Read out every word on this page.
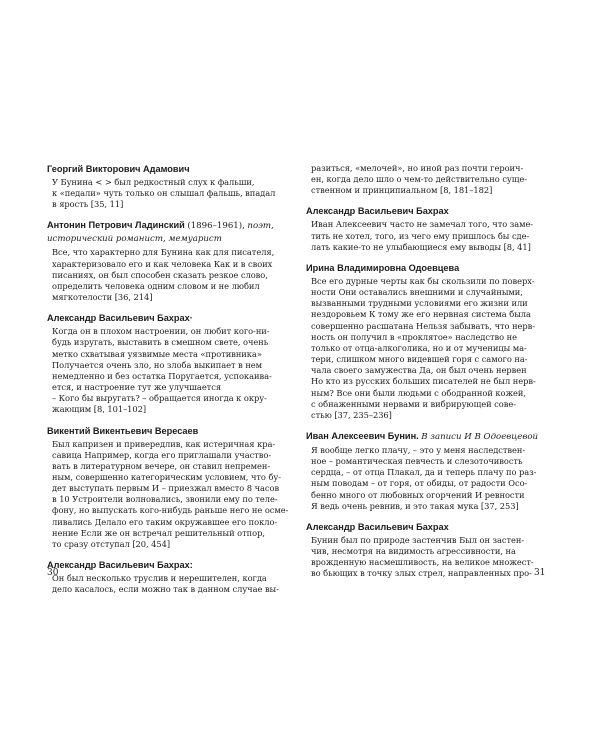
Георгий Викторович Адамович
У Бунина < > был редкостный слух к фальши,
к «педали» чуть только он слышал фальшь, впадал
в ярость [35, 11]
Антонин Петрович Ладинский (1896–1961), поэт, исторический романист, мемуарист
Все, что характерно для Бунина как для писателя,
характеризовало его и как человека Как и в своих
писаниях, он был способен сказать резкое слово,
определить человека одним словом и не любил
мягкотелости [36, 214]
Александр Васильевич Бахрах·
Когда он в плохом настроении, он любит кого-ни-
будь изругать, выставить в смешном свете, очень
метко схватывая уязвимые места «противника»
Получается очень зло, но злоба выкипает в нем
немедленно и без остатка Поругается, успокаива-
ется, и настроение тут же улучшается
– Кого бы выругать? – обращается иногда к окру-
жающим [8, 101–102]
Викентий Викентьевич Вересаев
Был капризен и привередлив, как истеричная кра-
савица Например, когда его приглашали участво-
вать в литературном вечере, он ставил непремен-
ным, совершенно категорическим условием, что бу-
дет выступать первым И – приезжал вместо 8 часов
в 10 Устроители волновались, звонили ему по теле-
фону, но выпускать кого-нибудь раньше него не осме-
ливались Делало его таким окружавшее его покло-
нение Если же он встречал решительный отпор,
то сразу отступал [20, 454]
Александр Васильевич Бахрах:
Он был несколько труслив и нерешителен, когда
дело касалось, если можно так в данном случае вы-
разиться, «мелочей», но иной раз почти героич-
ен, когда дело шло о чем-то действительно суще-
ственном и принципиальном [8, 181–182]
Александр Васильевич Бахрах
Иван Алексеевич часто не замечал того, что заме-
тить не хотел, того, из чего ему пришлось бы сде-
лать какие-то не улыбающиеся ему выводы [8, 41]
Ирина Владимировна Одоевцева
Все его дурные черты как бы скользили по поверх-
ности Они оставались внешними и случайными,
вызванными трудными условиями его жизни или
нездоровьем К тому же его нервная система была
совершенно расшатана Нельзя забывать, что нерв-
ность он получил в «проклятое» наследство не
только от отца-алкоголика, но и от мученицы ма-
тери, слишком много видевшей горя с самого на-
чала своего замужества Да, он был очень нервен
Но кто из русских больших писателей не был нерв-
ным? Все они были людьми с ободранной кожей,
с обнаженными нервами и вибрирующей сове-
стью [37, 235–236]
Иван Алексеевич Бунин. В записи И В Одоевцевой
Я вообще легко плачу, – это у меня наследствен-
ное – романтическая певчесть и слезоточивость
сердца, – от отца Плакал, да и теперь плачу по раз-
ным поводам – от горя, от обиды, от радости Осо-
бенно много от любовных огорчений И ревности
Я ведь очень ревнив, и это такая мука [37, 253]
Александр Васильевич Бахрах
Бунин был по природе застенчив Был он застен-
чив, несмотря на видимость агрессивности, на
врожденную насмешливость, на великое множест-
во бьющих в точку злых стрел, направленных про-
30	31
